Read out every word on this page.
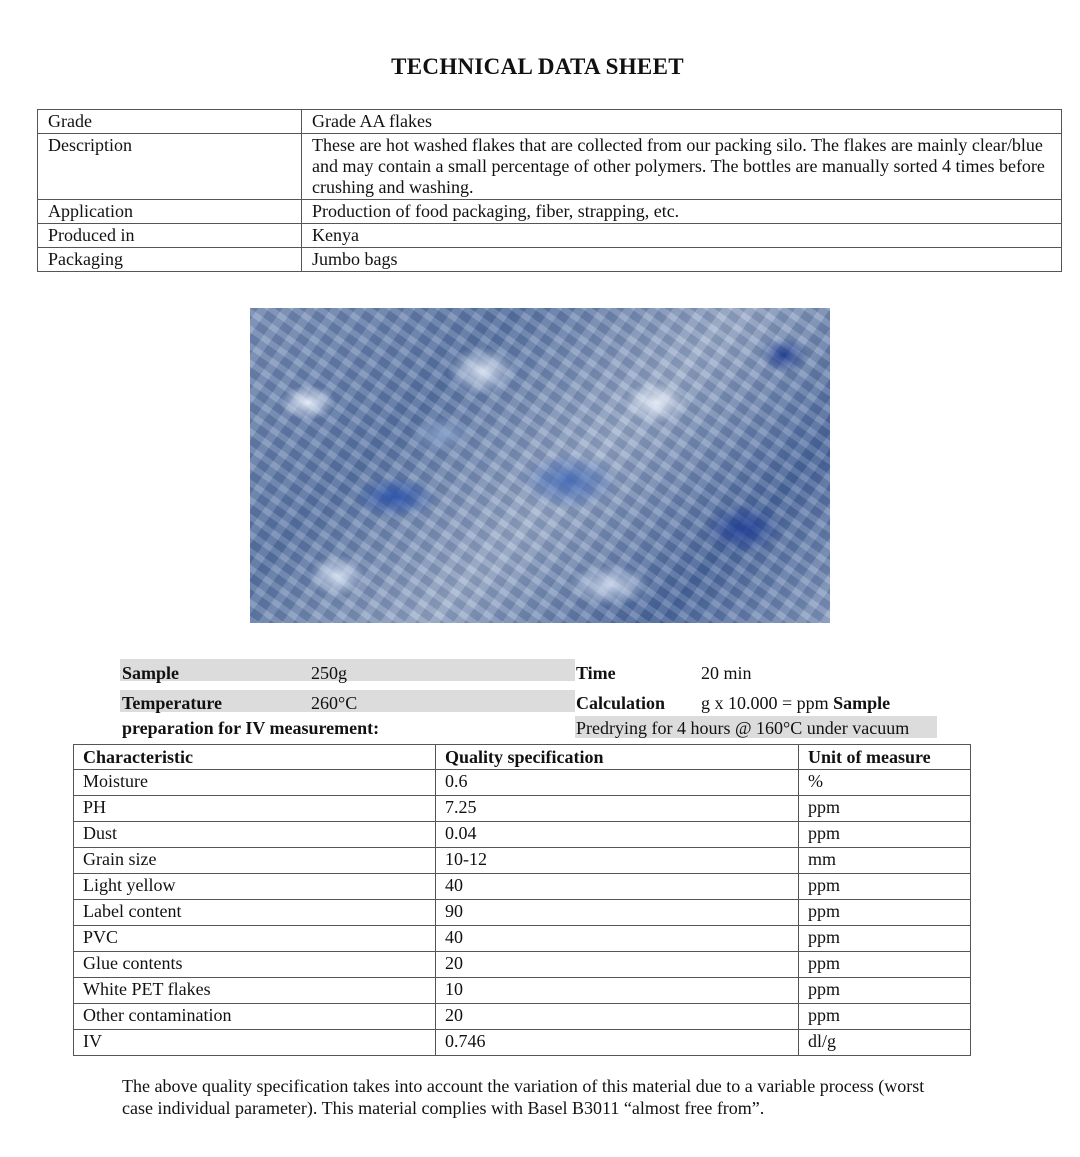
TECHNICAL DATA SHEET
Grade	Grade AA flakes
Description	These are hot washed flakes that are collected from our packing silo. The flakes are mainly clear/blue and may contain a small percentage of other polymers. The bottles are manually sorted 4 times before crushing and washing.
Application	Production of food packaging, fiber, strapping, etc.
Produced in	Kenya
Packaging	Jumbo bags
Sample	250g	Time	20 min
Temperature	260°C	Calculation g x 10.000 = ppm Sample
preparation for IV measurement:	Predrying for 4 hours @ 160°C under vacuum
Characteristic	Quality specification	Unit of measure
Moisture	0.6	%
PH	7.25	ppm
Dust	0.04	ppm
Grain size	10-12	mm
Light yellow	40	ppm
Label content	90	ppm
PVC	40	ppm
Glue contents	20	ppm
White PET flakes	10	ppm
Other contamination	20	ppm
IV	0.746	dl/g
The above quality specification takes into account the variation of this material due to a variable process (worst case individual parameter). This material complies with Basel B3011 “almost free from”.
